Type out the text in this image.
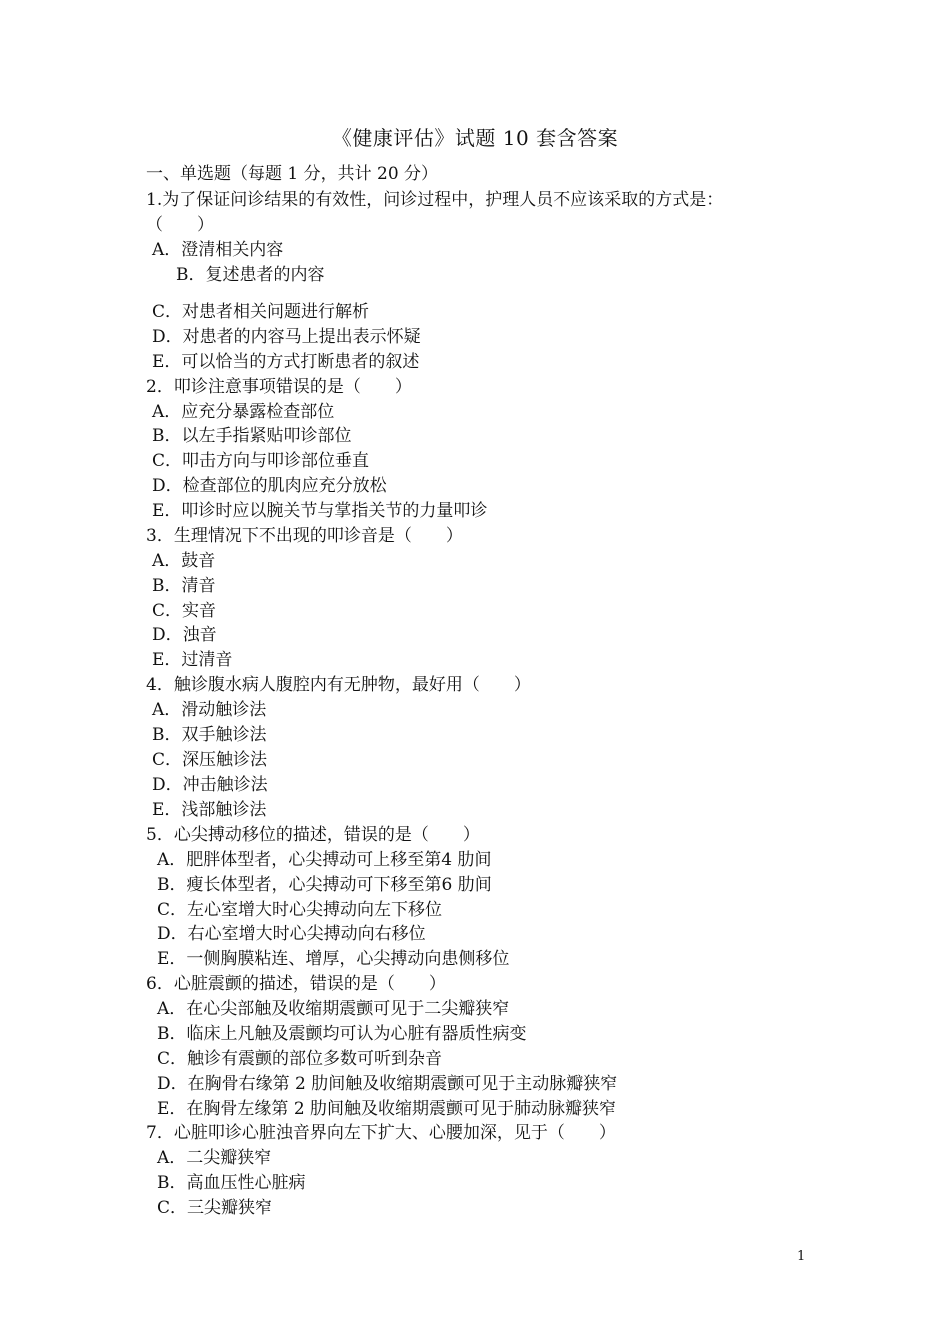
《健康评估》试题 10 套含答案
一、单选题（每题 1 分，共计 20 分）
1.为了保证问诊结果的有效性，问诊过程中，护理人员不应该采取的方式是：
（　　）
A．澄清相关内容
B．复述患者的内容
C．对患者相关问题进行解析
D．对患者的内容马上提出表示怀疑
E．可以恰当的方式打断患者的叙述
2．叩诊注意事项错误的是（　　）
A．应充分暴露检查部位
B．以左手指紧贴叩诊部位
C．叩击方向与叩诊部位垂直
D．检查部位的肌肉应充分放松
E．叩诊时应以腕关节与掌指关节的力量叩诊
3．生理情况下不出现的叩诊音是（　　）
A．鼓音
B．清音
C．实音
D．浊音
E．过清音
4．触诊腹水病人腹腔内有无肿物，最好用（　　）
A．滑动触诊法
B．双手触诊法
C．深压触诊法
D．冲击触诊法
E．浅部触诊法
5．心尖搏动移位的描述，错误的是（　　）
A．肥胖体型者，心尖搏动可上移至第4 肋间
B．瘦长体型者，心尖搏动可下移至第6 肋间
C．左心室增大时心尖搏动向左下移位
D．右心室增大时心尖搏动向右移位
E．一侧胸膜粘连、增厚，心尖搏动向患侧移位
6．心脏震颤的描述，错误的是（　　）
A．在心尖部触及收缩期震颤可见于二尖瓣狭窄
B．临床上凡触及震颤均可认为心脏有器质性病变
C．触诊有震颤的部位多数可听到杂音
D．在胸骨右缘第 2 肋间触及收缩期震颤可见于主动脉瓣狭窄
E．在胸骨左缘第 2 肋间触及收缩期震颤可见于肺动脉瓣狭窄
7．心脏叩诊心脏浊音界向左下扩大、心腰加深，见于（　　）
A．二尖瓣狭窄
B．高血压性心脏病
C．三尖瓣狭窄
1
